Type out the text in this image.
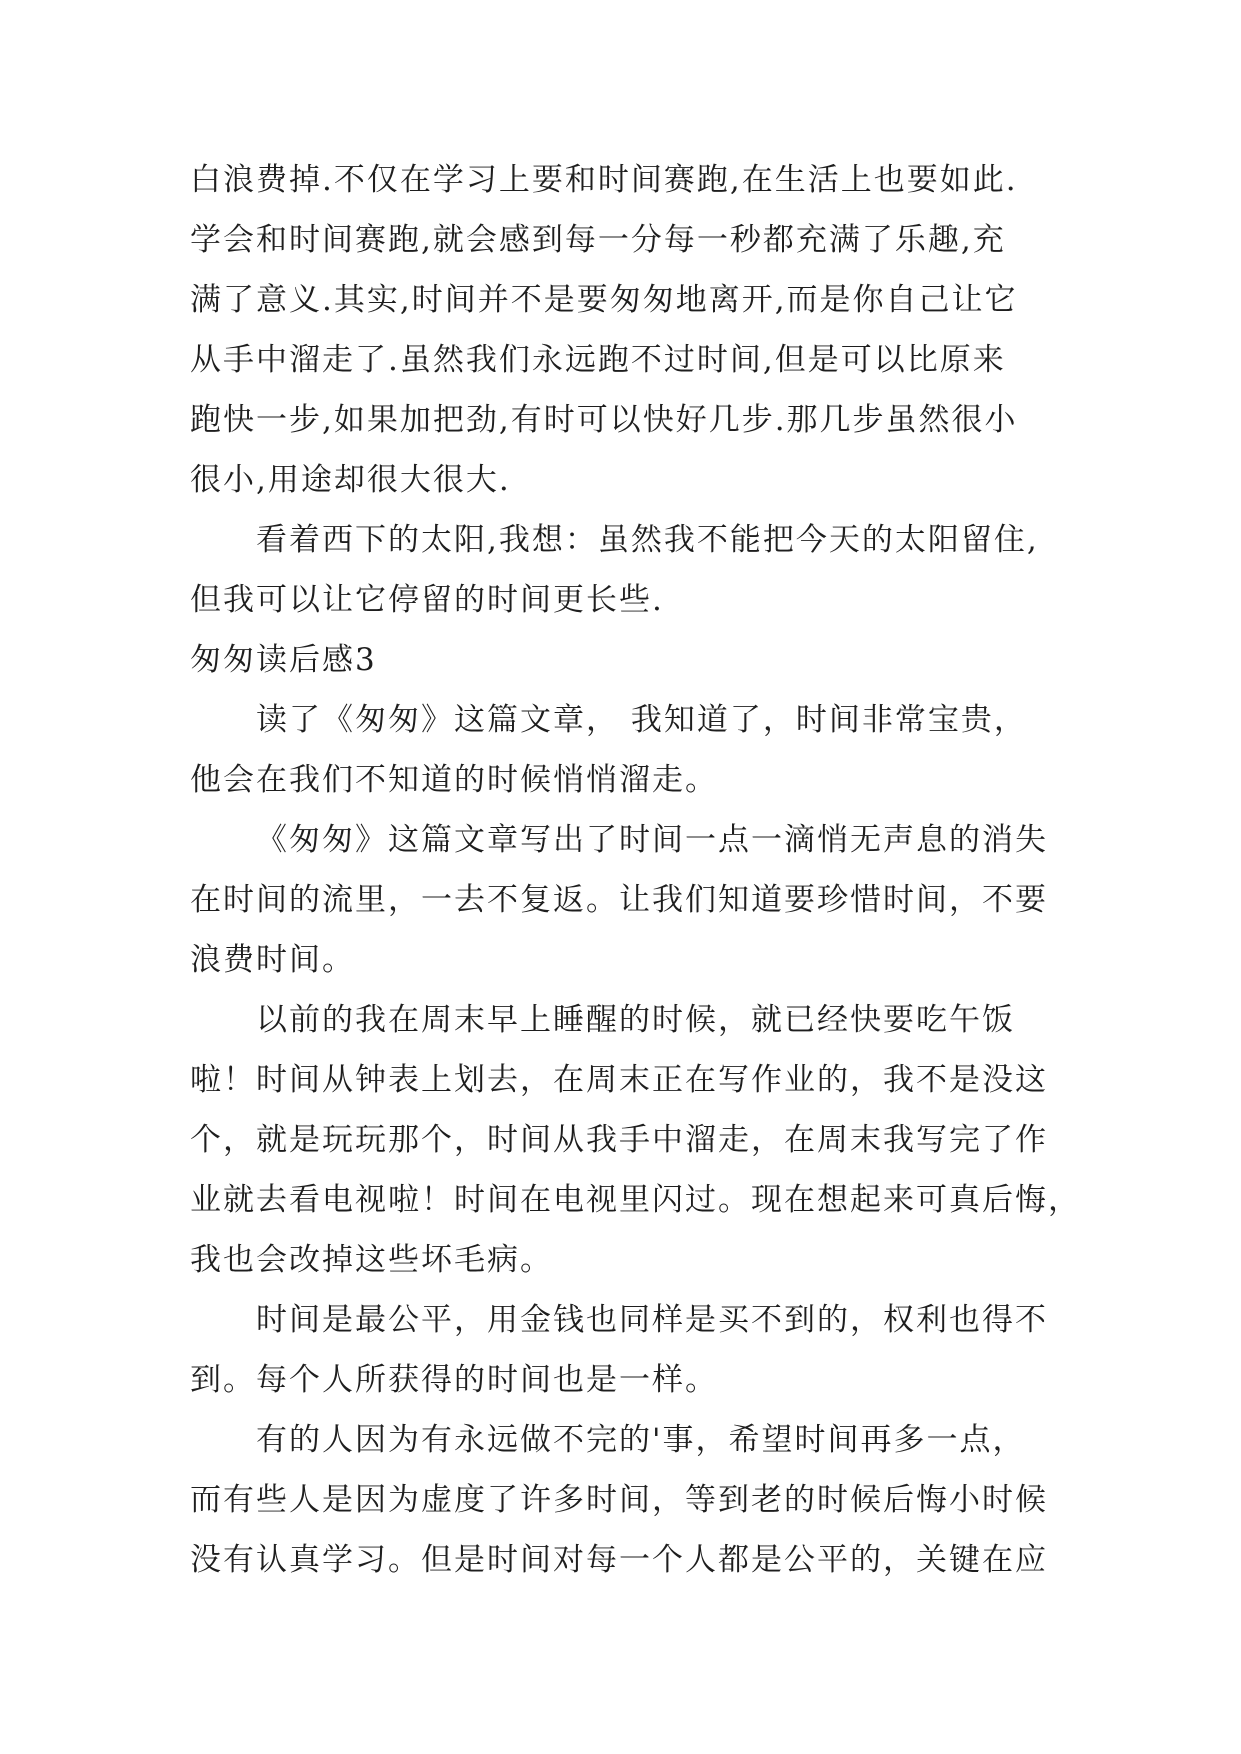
白浪费掉.不仅在学习上要和时间赛跑,在生活上也要如此.
学会和时间赛跑,就会感到每一分每一秒都充满了乐趣,充
满了意义.其实,时间并不是要匆匆地离开,而是你自己让它
从手中溜走了.虽然我们永远跑不过时间,但是可以比原来
跑快一步,如果加把劲,有时可以快好几步.那几步虽然很小
很小,用途却很大很大.

看着西下的太阳,我想：虽然我不能把今天的太阳留住,
但我可以让它停留的时间更长些.

匆匆读后感3

读了《匆匆》这篇文章， 我知道了，时间非常宝贵，
他会在我们不知道的时候悄悄溜走。

《匆匆》这篇文章写出了时间一点一滴悄无声息的消失
在时间的流里，一去不复返。让我们知道要珍惜时间，不要
浪费时间。

以前的我在周末早上睡醒的时候，就已经快要吃午饭
啦！时间从钟表上划去，在周末正在写作业的，我不是没这
个，就是玩玩那个，时间从我手中溜走，在周末我写完了作
业就去看电视啦！时间在电视里闪过。现在想起来可真后悔，
我也会改掉这些坏毛病。

时间是最公平，用金钱也同样是买不到的，权利也得不
到。每个人所获得的时间也是一样。

有的人因为有永远做不完的'事，希望时间再多一点，
而有些人是因为虚度了许多时间，等到老的时候后悔小时候
没有认真学习。但是时间对每一个人都是公平的，关键在应
